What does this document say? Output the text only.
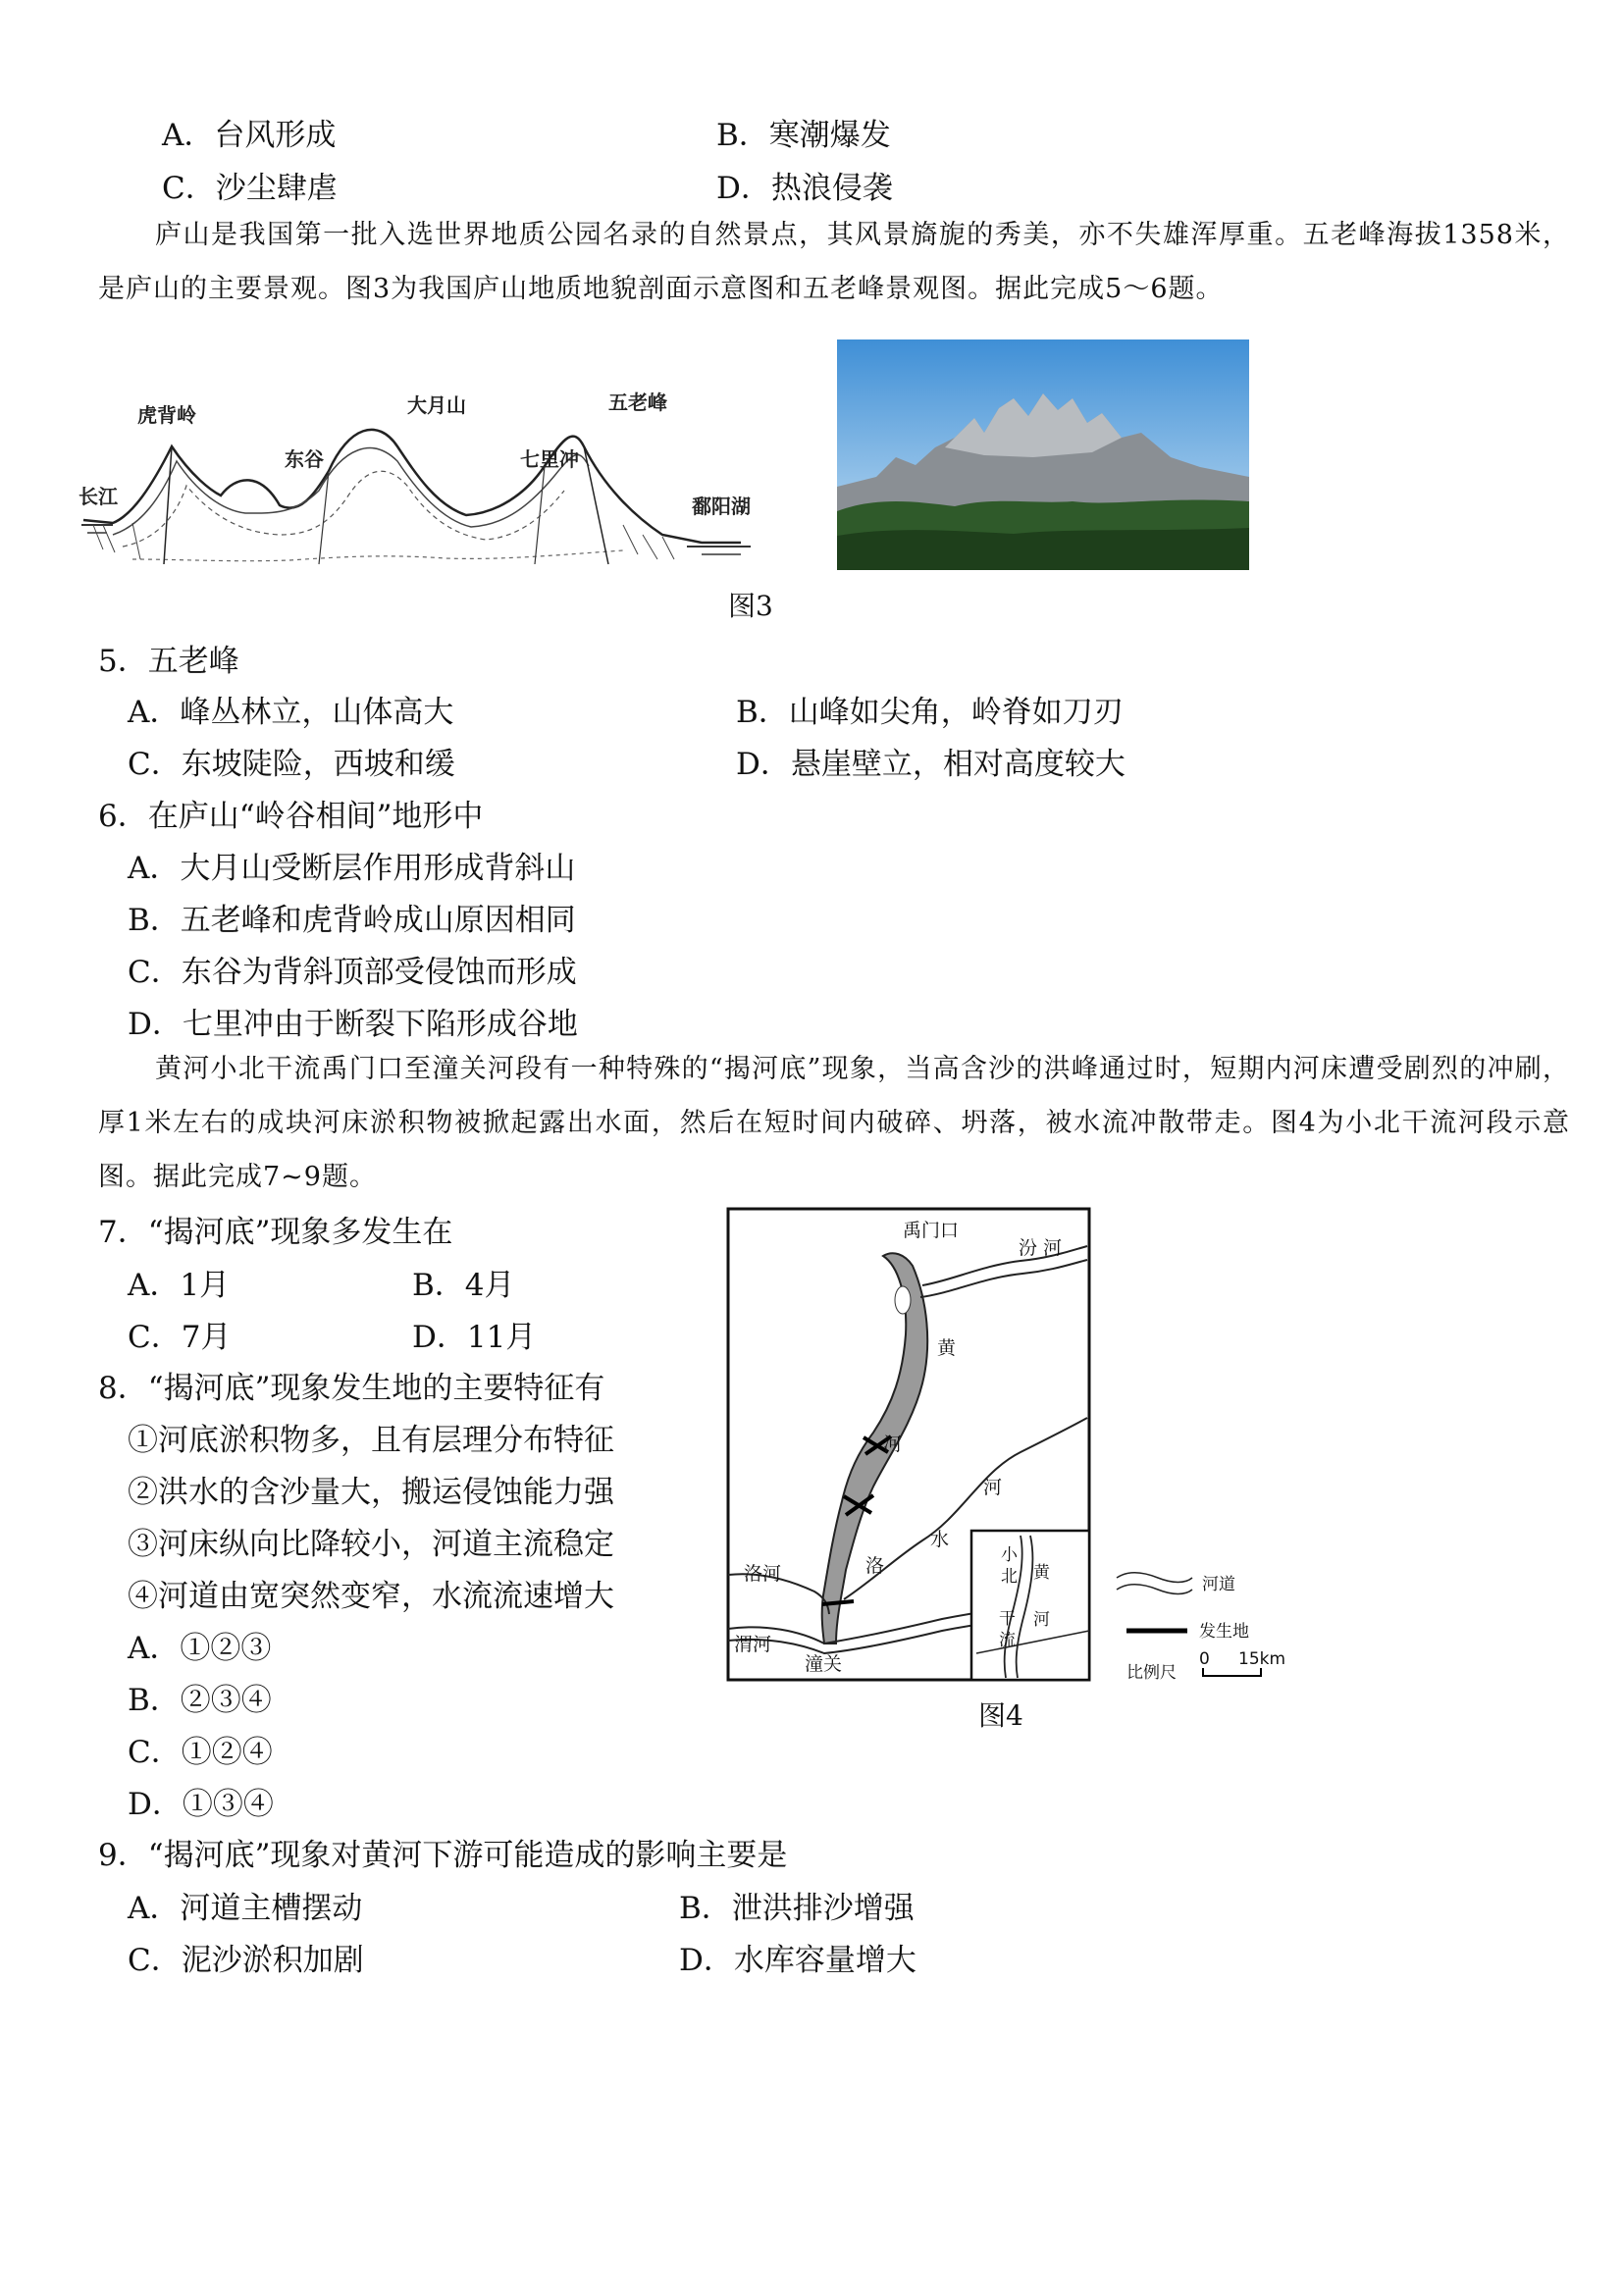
A．台风形成	B．寒潮爆发
C．沙尘肆虐	D．热浪侵袭
庐山是我国第一批入选世界地质公园名录的自然景点，其风景旖旎的秀美，亦不失雄浑厚重。五老峰海拔1358米，是庐山的主要景观。图3为我国庐山地质地貌剖面示意图和五老峰景观图。据此完成5～6题。
长江
虎背岭
东谷
大月山
七里冲
五老峰
鄱阳湖
图3
5．五老峰
A．峰丛林立，山体高大	B．山峰如尖角，岭脊如刀刃
C．东坡陡险，西坡和缓	D．悬崖壁立，相对高度较大
6．在庐山“岭谷相间”地形中
A．大月山受断层作用形成背斜山
B．五老峰和虎背岭成山原因相同
C．东谷为背斜顶部受侵蚀而形成
D．七里冲由于断裂下陷形成谷地
黄河小北干流禹门口至潼关河段有一种特殊的“揭河底”现象，当高含沙的洪峰通过时，短期内河床遭受剧烈的冲刷，厚1米左右的成块河床淤积物被掀起露出水面，然后在短时间内破碎、坍落，被水流冲散带走。图4为小北干流河段示意图。据此完成7~9题。
7．“揭河底”现象多发生在
A．1月	B．4月
C．7月	D．11月
8．“揭河底”现象发生地的主要特征有
①河底淤积物多，且有层理分布特征
②洪水的含沙量大，搬运侵蚀能力强
③河床纵向比降较小，河道主流稳定
④河道由宽突然变窄，水流流速增大
A．①②③
B．②③④
C．①②④
D．①③④
禹门口
汾 河
黄
河
河
水
洛
洛河
渭河
潼关
小
北
干
流
黄
河
河道
发生地
比例尺
0 15km
图4
9．“揭河底”现象对黄河下游可能造成的影响主要是
A．河道主槽摆动	B．泄洪排沙增强
C．泥沙淤积加剧	D．水库容量增大
